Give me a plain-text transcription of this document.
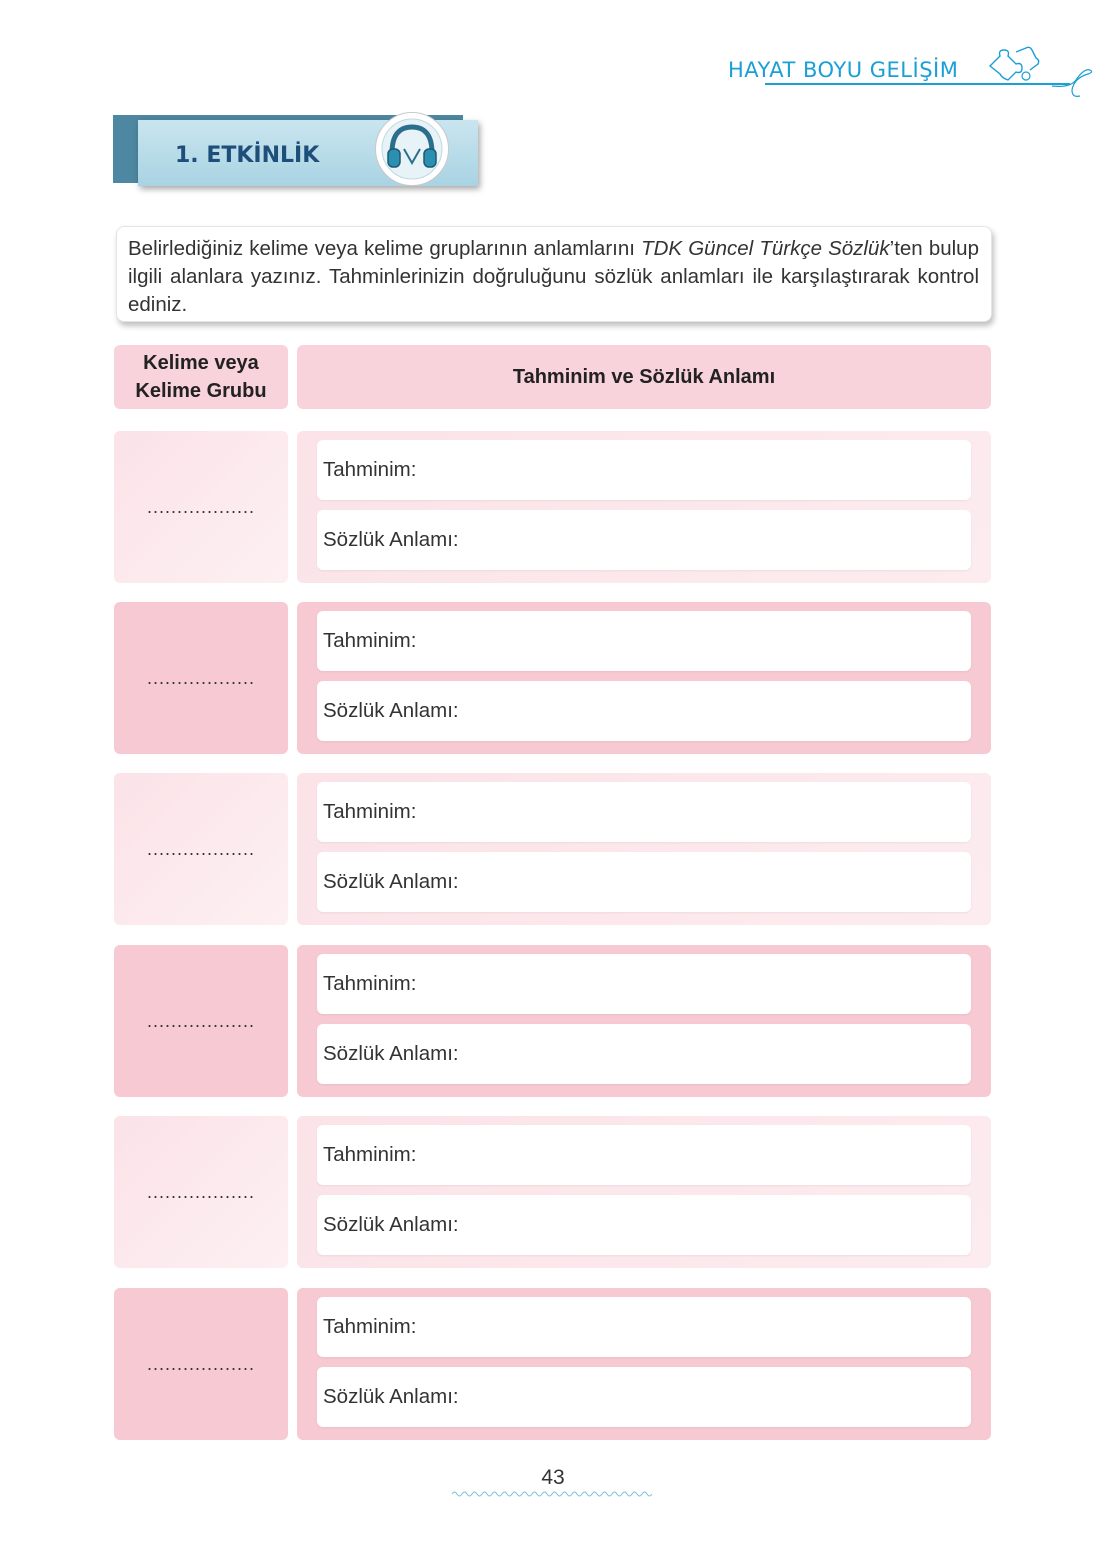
HAYAT BOYU GELİŞİM
1. ETKİNLİK

Belirlediğiniz kelime veya kelime gruplarının anlamlarını TDK Güncel Türkçe Sözlük’ten bulup ilgili alanlara yazınız. Tahminlerinizin doğruluğunu sözlük anlamları ile karşılaştırarak kontrol ediniz.

Kelime veya
Kelime Grubu
Tahminim ve Sözlük Anlamı
..................
Tahminim:
Sözlük Anlamı:
..................
Tahminim:
Sözlük Anlamı:
..................
Tahminim:
Sözlük Anlamı:
..................
Tahminim:
Sözlük Anlamı:
..................
Tahminim:
Sözlük Anlamı:
..................
Tahminim:
Sözlük Anlamı:
43
